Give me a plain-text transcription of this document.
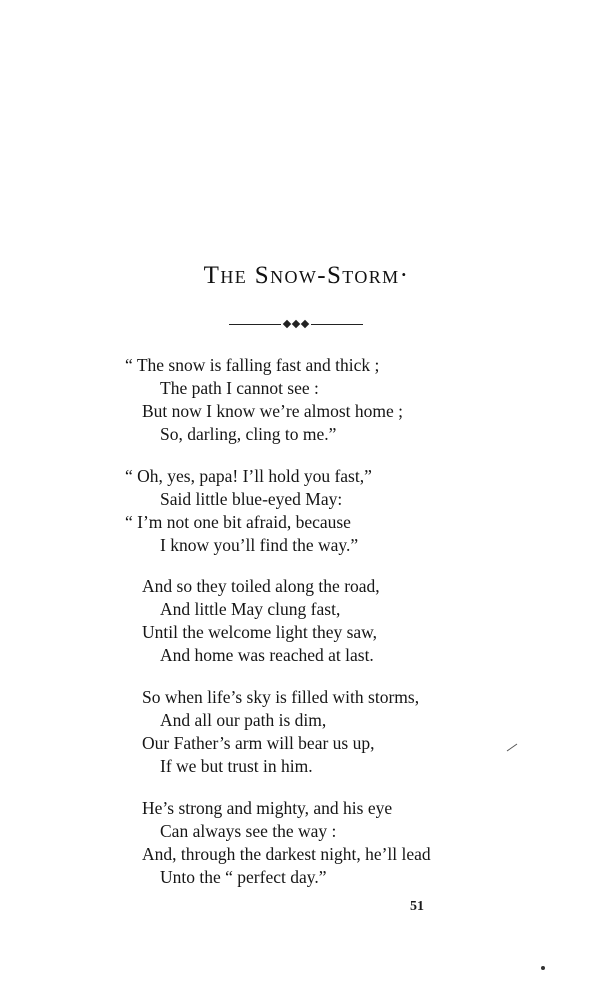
The Snow-Storm·
“ The snow is falling fast and thick ;
The path I cannot see :
But now I know we’re almost home ;
So, darling, cling to me.”
“ Oh, yes, papa! I’ll hold you fast,”
Said little blue-eyed May:
“ I’m not one bit afraid, because
I know you’ll find the way.”
And so they toiled along the road,
And little May clung fast,
Until the welcome light they saw,
And home was reached at last.
So when life’s sky is filled with storms,
And all our path is dim,
Our Father’s arm will bear us up,
If we but trust in him.
He’s strong and mighty, and his eye
Can always see the way :
And, through the darkest night, he’ll lead
Unto the “ perfect day.”
51
